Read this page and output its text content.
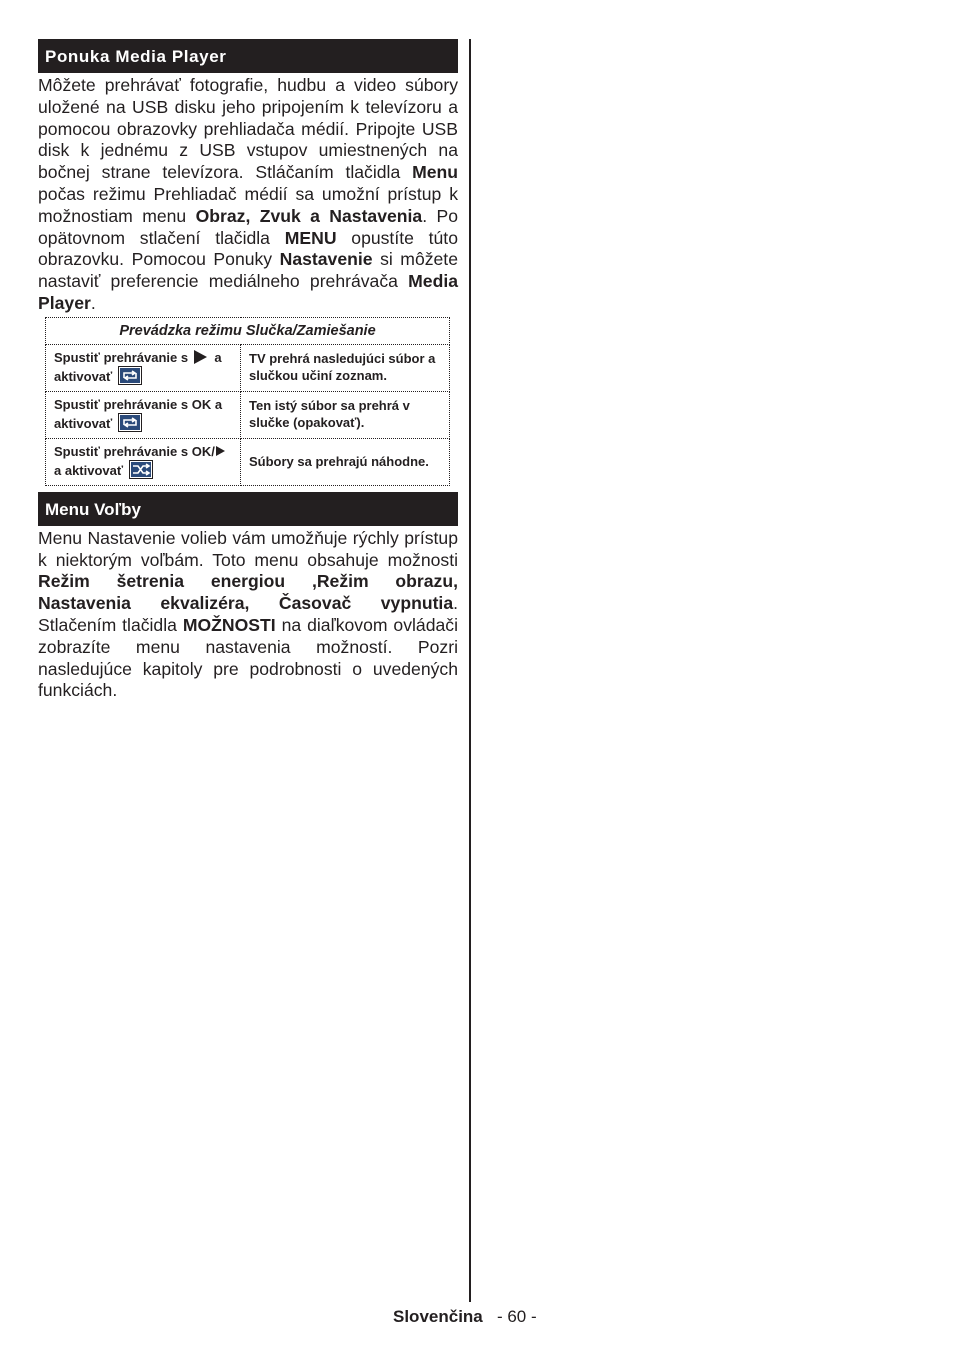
Ponuka Media Player

Môžete prehrávať fotografie, hudbu a video súbory uložené na USB disku jeho pripojením k televízoru a pomocou obrazovky prehliadača médií. Pripojte USB disk k jednému z USB vstupov umiestnených na bočnej strane televízora. Stláčaním tlačidla Menu počas režimu Prehliadač médií sa umožní prístup k možnostiam menu Obraz, Zvuk a Nastavenia. Po opätovnom stlačení tlačidla MENU opustíte túto obrazovku. Pomocou Ponuky Nastavenie si môžete nastaviť preferencie mediálneho prehrávača Media Player.

Prevádzka režimu Slučka/Zamiešanie	
Spustiť prehrávanie s  a
aktivovať	TV prehrá nasledujúci súbor a slučkou učiní zoznam.
Spustiť prehrávanie s OK a
aktivovať	Ten istý súbor sa prehrá v slučke (opakovať).
Spustiť prehrávanie s OK/
a aktivovať	Súbory sa prehrajú náhodne.
Menu Voľby

Menu Nastavenie volieb vám umožňuje rýchly prístup k niektorým voľbám. Toto menu obsahuje možnosti Režim šetrenia energiou ,Režim obrazu, Nastavenia ekvalizéra, Časovač vypnutia. Stlačením tlačidla MOŽNOSTI na diaľkovom ovládači zobrazíte menu nastavenia možností. Pozri nasledujúce kapitoly pre podrobnosti o uvedených funkciách.

Slovenčina - 60 -
